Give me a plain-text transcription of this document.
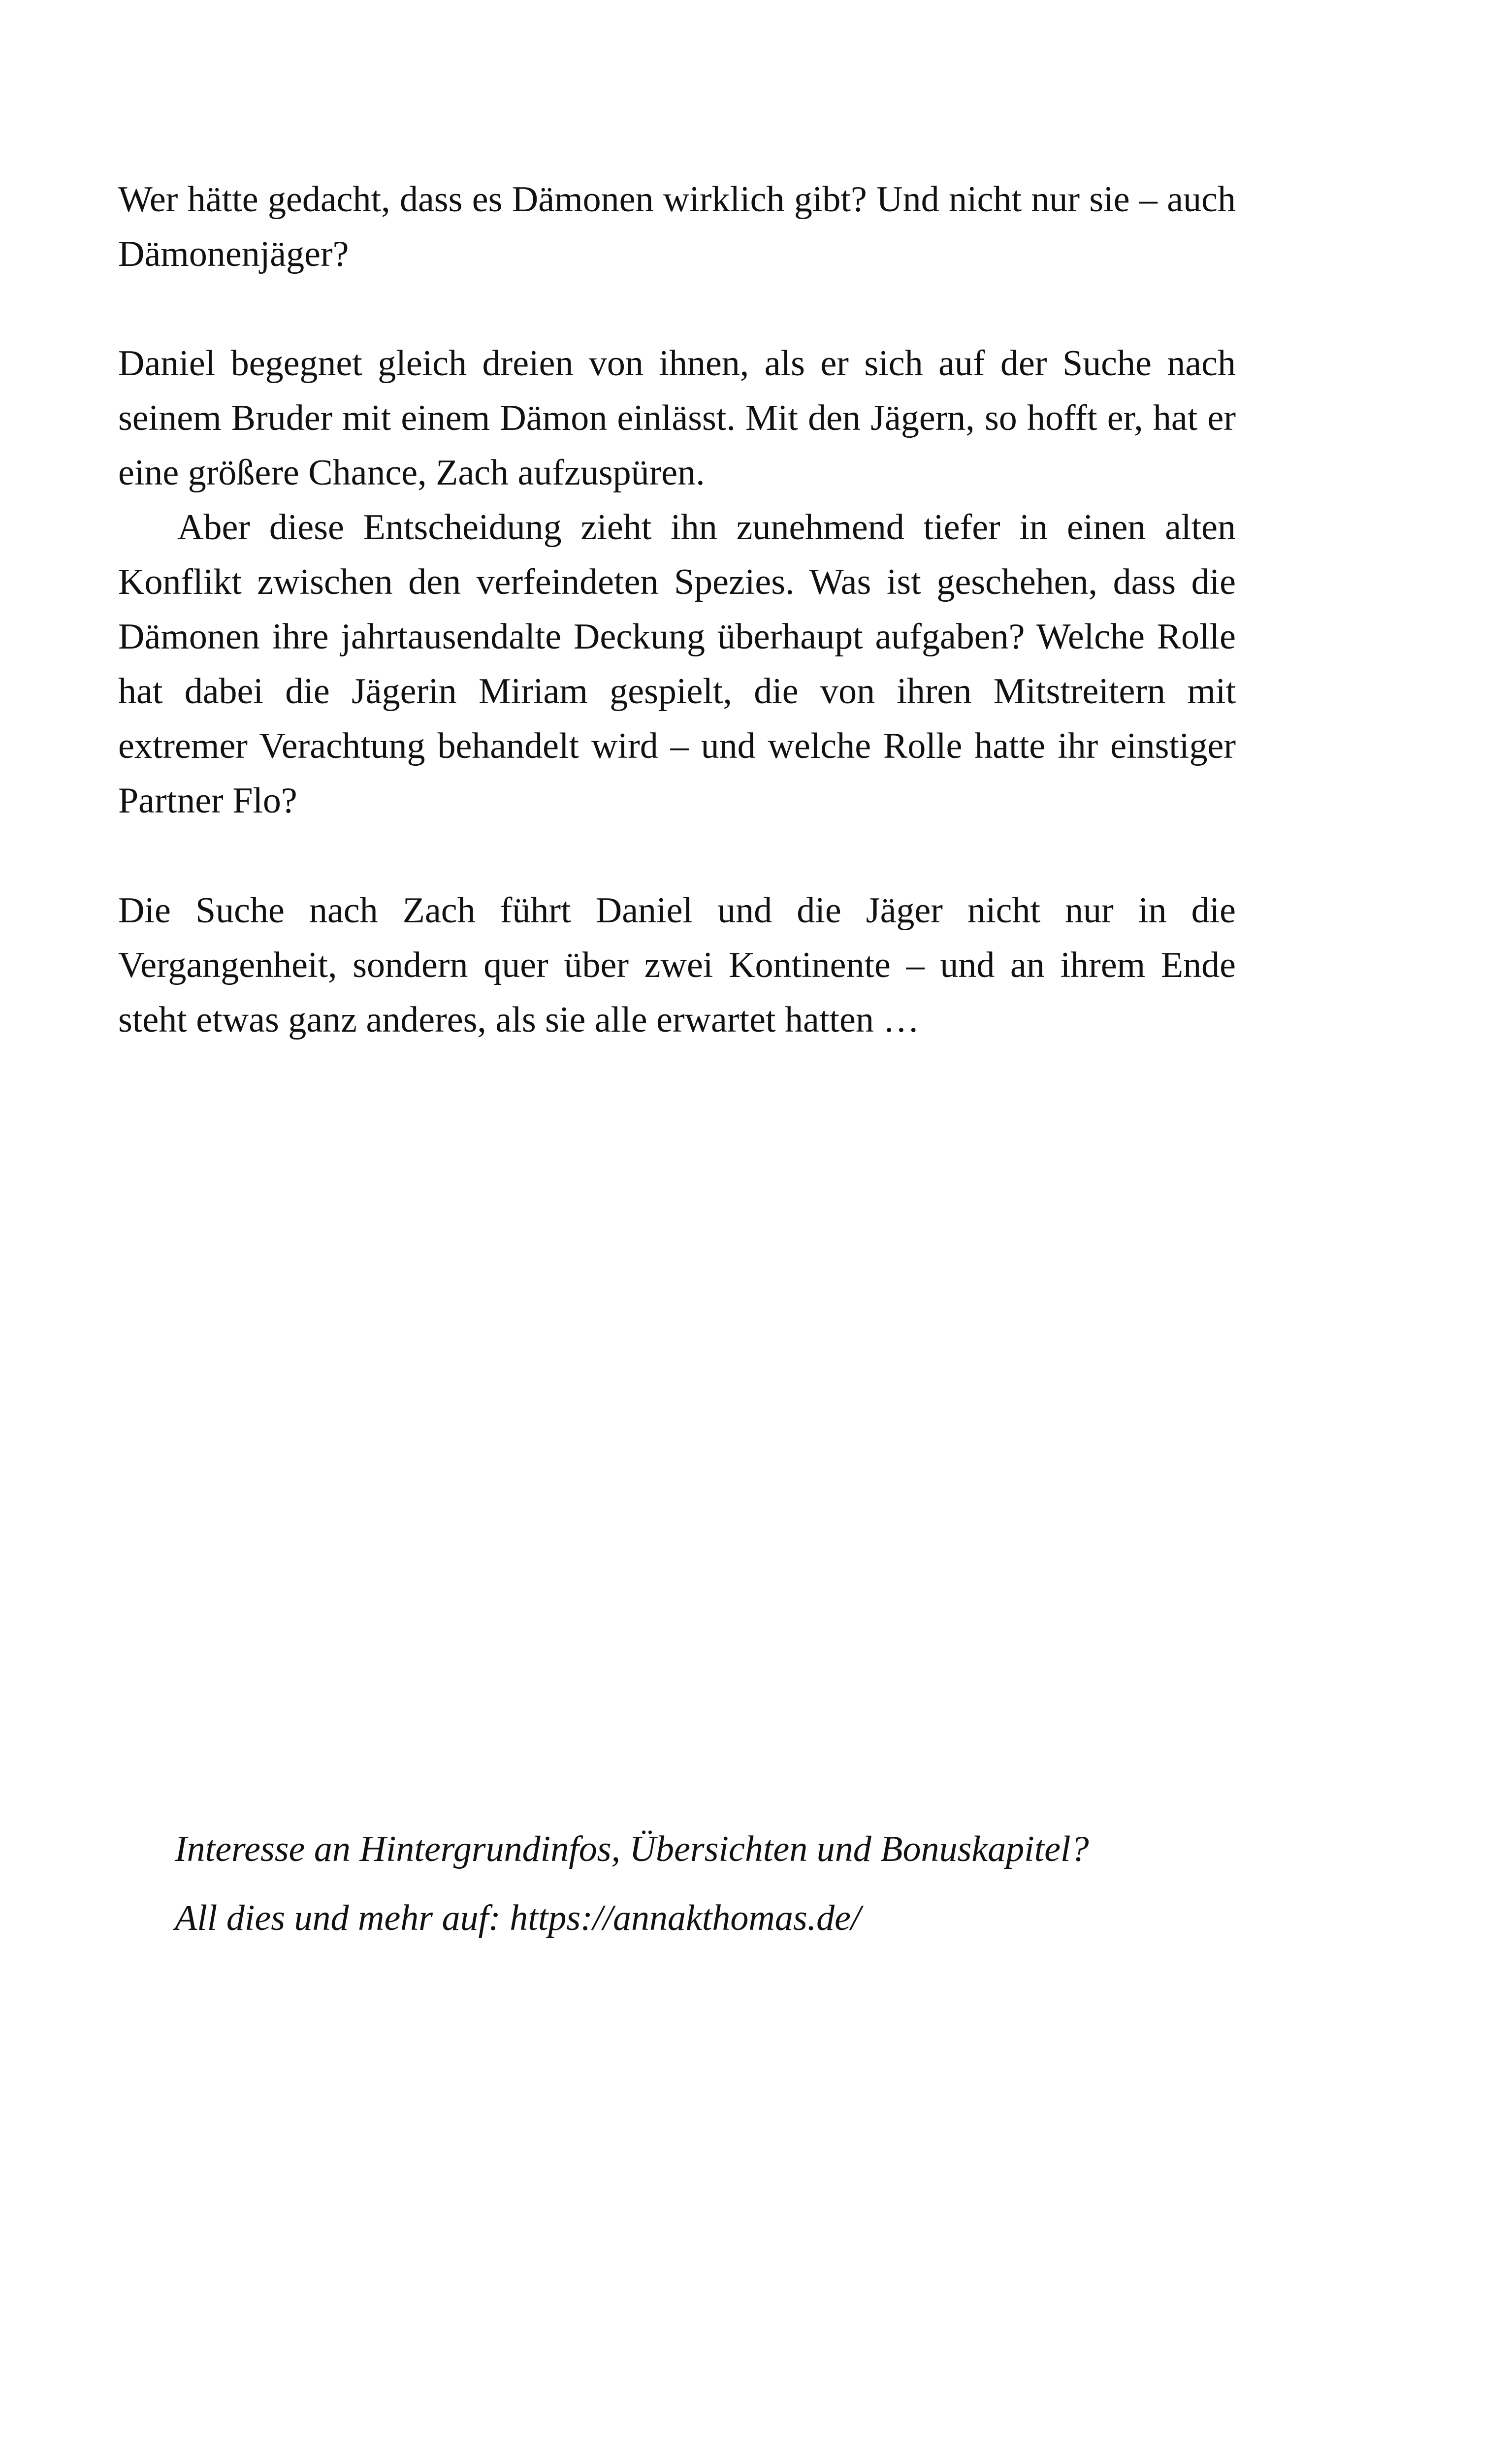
Wer hätte gedacht, dass es Dämonen wirklich gibt? Und nicht nur sie – auch Dämonenjäger?

Daniel begegnet gleich dreien von ihnen, als er sich auf der Suche nach seinem Bruder mit einem Dämon einlässt. Mit den Jägern, so hofft er, hat er eine größere Chance, Zach aufzuspüren.

Aber diese Entscheidung zieht ihn zunehmend tiefer in einen alten Konflikt zwischen den verfeindeten Spezies. Was ist geschehen, dass die Dämonen ihre jahrtausendalte Deckung überhaupt aufgaben? Welche Rolle hat dabei die Jägerin Miriam gespielt, die von ihren Mitstreitern mit extremer Verachtung behandelt wird – und welche Rolle hatte ihr einstiger Partner Flo?

Die Suche nach Zach führt Daniel und die Jäger nicht nur in die Vergangenheit, sondern quer über zwei Kontinente – und an ihrem Ende steht etwas ganz anderes, als sie alle erwartet hatten …

Interesse an Hintergrundinfos, Übersichten und Bonuskapitel?
All dies und mehr auf: https://annakthomas.de/
